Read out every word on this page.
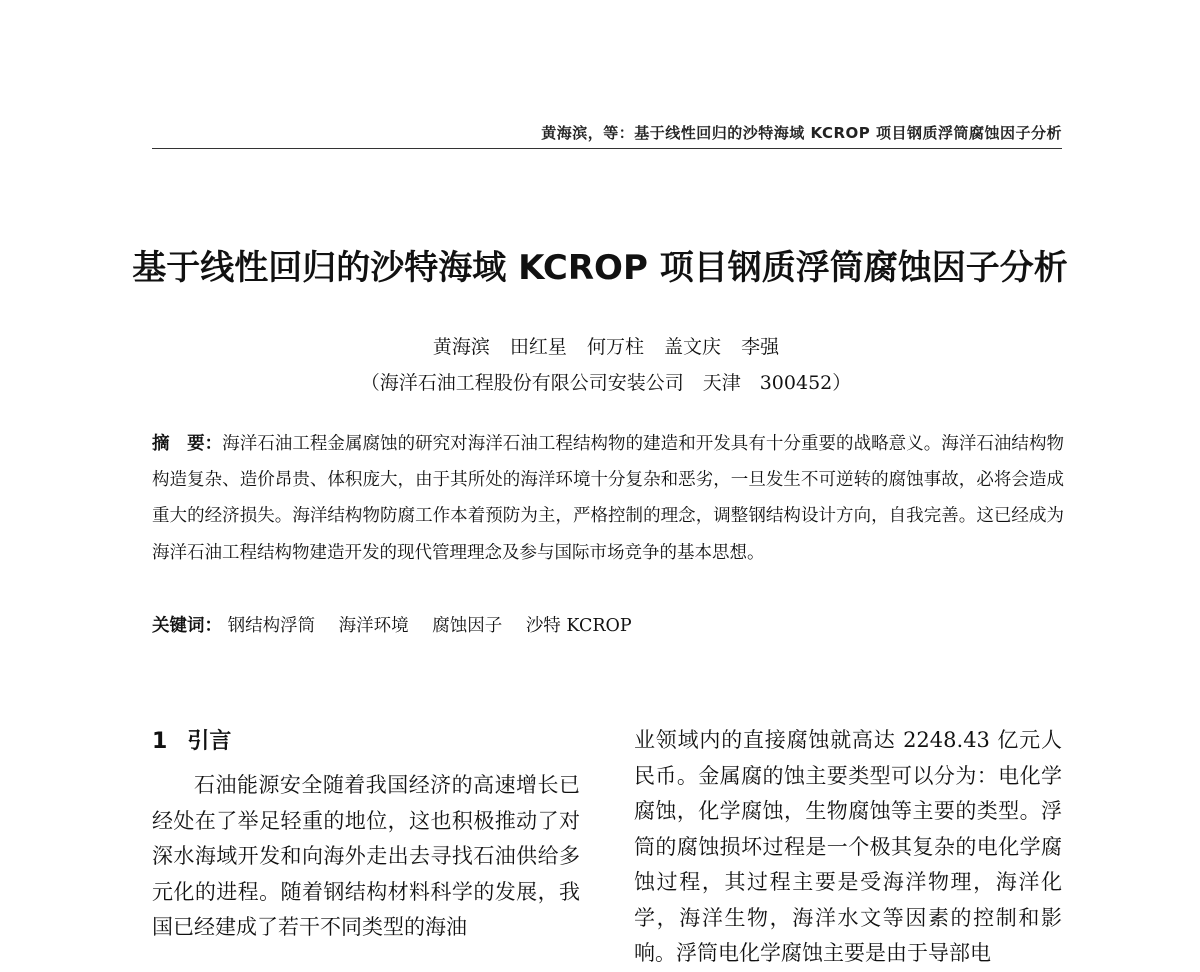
黄海滨，等：基于线性回归的沙特海域 KCROP 项目钢质浮筒腐蚀因子分析
基于线性回归的沙特海域 KCROP 项目钢质浮筒腐蚀因子分析
黄海滨 田红星 何万柱 盖文庆 李强
（海洋石油工程股份有限公司安装公司　天津　300452）
摘　要：海洋石油工程金属腐蚀的研究对海洋石油工程结构物的建造和开发具有十分重要的战略意义。海洋石油结构物构造复杂、造价昂贵、体积庞大，由于其所处的海洋环境十分复杂和恶劣，一旦发生不可逆转的腐蚀事故，必将会造成重大的经济损失。海洋结构物防腐工作本着预防为主，严格控制的理念，调整钢结构设计方向，自我完善。这已经成为海洋石油工程结构物建造开发的现代管理理念及参与国际市场竞争的基本思想。
关键词： 钢结构浮筒 海洋环境 腐蚀因子 沙特 KCROP
1 引言
石油能源安全随着我国经济的高速增长已经处在了举足轻重的地位，这也积极推动了对深水海域开发和向海外走出去寻找石油供给多元化的进程。随着钢结构材料科学的发展，我国已经建成了若干不同类型的海油
业领域内的直接腐蚀就高达 2248.43 亿元人民币。金属腐的蚀主要类型可以分为：电化学腐蚀，化学腐蚀，生物腐蚀等主要的类型。浮筒的腐蚀损坏过程是一个极其复杂的电化学腐蚀过程，其过程主要是受海洋物理，海洋化学，海洋生物，海洋水文等因素的控制和影响。浮筒电化学腐蚀主要是由于导部电
